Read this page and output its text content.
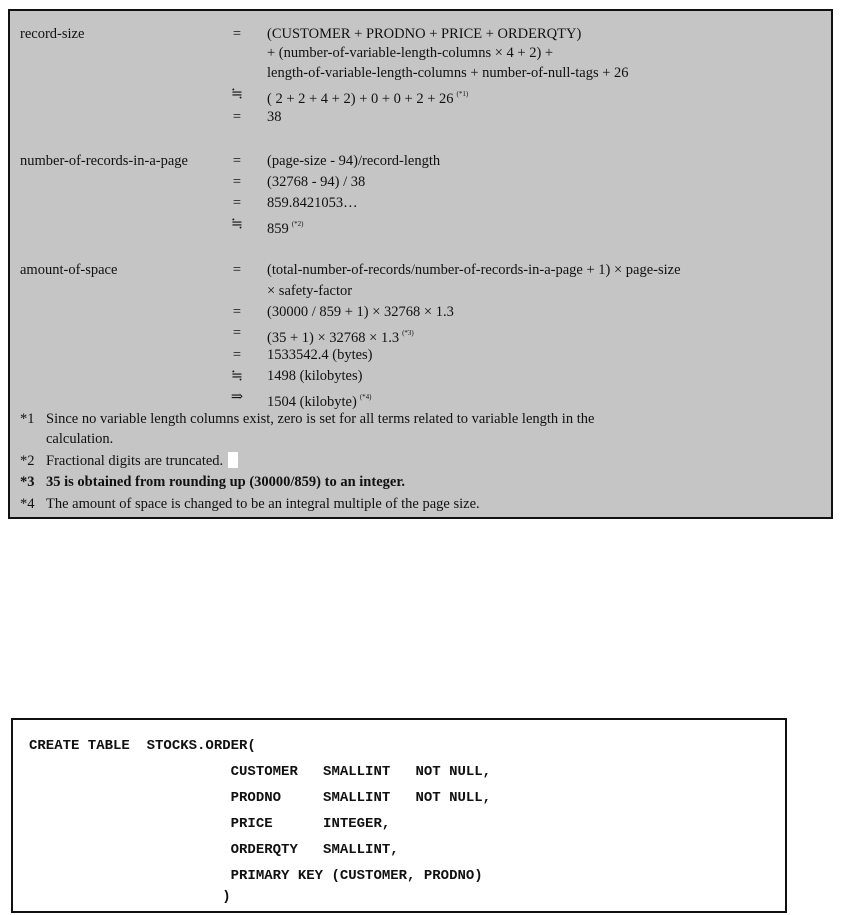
record-size	= (CUSTOMER + PRODNO + PRICE + ORDERQTY)
+ (number-of-variable-length-columns × 4 + 2) +
length-of-variable-length-columns + number-of-null-tags + 26
≒ ( 2 + 2 + 4 + 2) + 0 + 0 + 2 + 26 $^{(*1)}$
= 38
number-of-records-in-a-page	= (page-size - 94)/record-length
= (32768 - 94) / 38
= 859.8421053…
≒ 859 $^{(*2)}$
amount-of-space	= (total-number-of-records/number-of-records-in-a-page + 1) × page-size
× safety-factor
= (30000 / 859 + 1) × 32768 × 1.3
= (35 + 1) × 32768 × 1.3 $^{(*3)}$
= 1533542.4 (bytes)
≒ 1498 (kilobytes)
⇒ 1504 (kilobyte) $^{(*4)}$
*1 Since no variable length columns exist, zero is set for all terms related to variable length in the
calculation.
*2 Fractional digits are truncated.
*3 35 is obtained from rounding up (30000/859) to an integer.
*4 The amount of space is changed to be an integral multiple of the page size.
CREATE TABLE  STOCKS.ORDER(
CUSTOMER   SMALLINT   NOT NULL,
PRODNO     SMALLINT   NOT NULL,
PRICE      INTEGER,
ORDERQTY   SMALLINT,
PRIMARY KEY (CUSTOMER, PRODNO)
)
